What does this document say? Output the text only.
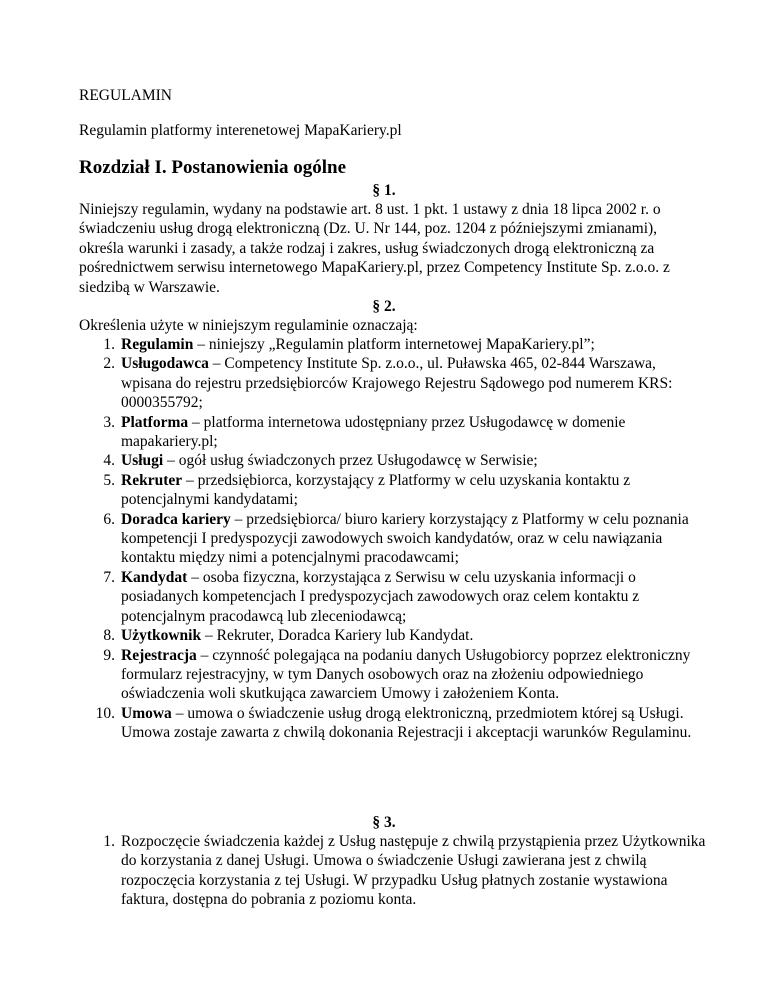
REGULAMIN
Regulamin platformy interenetowej MapaKariery.pl
Rozdział I. Postanowienia ogólne
§ 1.
Niniejszy regulamin, wydany na podstawie art. 8 ust. 1 pkt. 1 ustawy z dnia 18 lipca 2002 r. o świadczeniu usług drogą elektroniczną (Dz. U. Nr 144, poz. 1204 z późniejszymi zmianami), określa warunki i zasady, a także rodzaj i zakres, usług świadczonych drogą elektroniczną za pośrednictwem serwisu internetowego MapaKariery.pl, przez Competency Institute Sp. z.o.o. z siedzibą w Warszawie.
§ 2.
Określenia użyte w niniejszym regulaminie oznaczają:
1. Regulamin – niniejszy „Regulamin platform internetowej MapaKariery.pl”;
2. Usługodawca – Competency Institute Sp. z.o.o., ul. Puławska 465, 02-844 Warszawa, wpisana do rejestru przedsiębiorców Krajowego Rejestru Sądowego pod numerem KRS: 0000355792;
3. Platforma – platforma internetowa udostępniany przez Usługodawcę w domenie mapakariery.pl;
4. Usługi – ogół usług świadczonych przez Usługodawcę w Serwisie;
5. Rekruter – przedsiębiorca, korzystający z Platformy w celu uzyskania kontaktu z potencjalnymi kandydatami;
6. Doradca kariery – przedsiębiorca/ biuro kariery korzystający z Platformy w celu poznania kompetencji I predyspozycji zawodowych swoich kandydatów, oraz w celu nawiązania kontaktu między nimi a potencjalnymi pracodawcami;
7. Kandydat – osoba fizyczna, korzystająca z Serwisu w celu uzyskania informacji o posiadanych kompetencjach I predyspozycjach zawodowych oraz celem kontaktu z potencjalnym pracodawcą lub zleceniodawcą;
8. Użytkownik – Rekruter, Doradca Kariery lub Kandydat.
9. Rejestracja – czynność polegająca na podaniu danych Usługobiorcy poprzez elektroniczny formularz rejestracyjny, w tym Danych osobowych oraz na złożeniu odpowiedniego oświadczenia woli skutkująca zawarciem Umowy i założeniem Konta.
10. Umowa – umowa o świadczenie usług drogą elektroniczną, przedmiotem której są Usługi. Umowa zostaje zawarta z chwilą dokonania Rejestracji i akceptacji warunków Regulaminu.
§ 3.
1. Rozpoczęcie świadczenia każdej z Usług następuje z chwilą przystąpienia przez Użytkownika do korzystania z danej Usługi. Umowa o świadczenie Usługi zawierana jest z chwilą rozpoczęcia korzystania z tej Usługi. W przypadku Usług płatnych zostanie wystawiona faktura, dostępna do pobrania z poziomu konta.
